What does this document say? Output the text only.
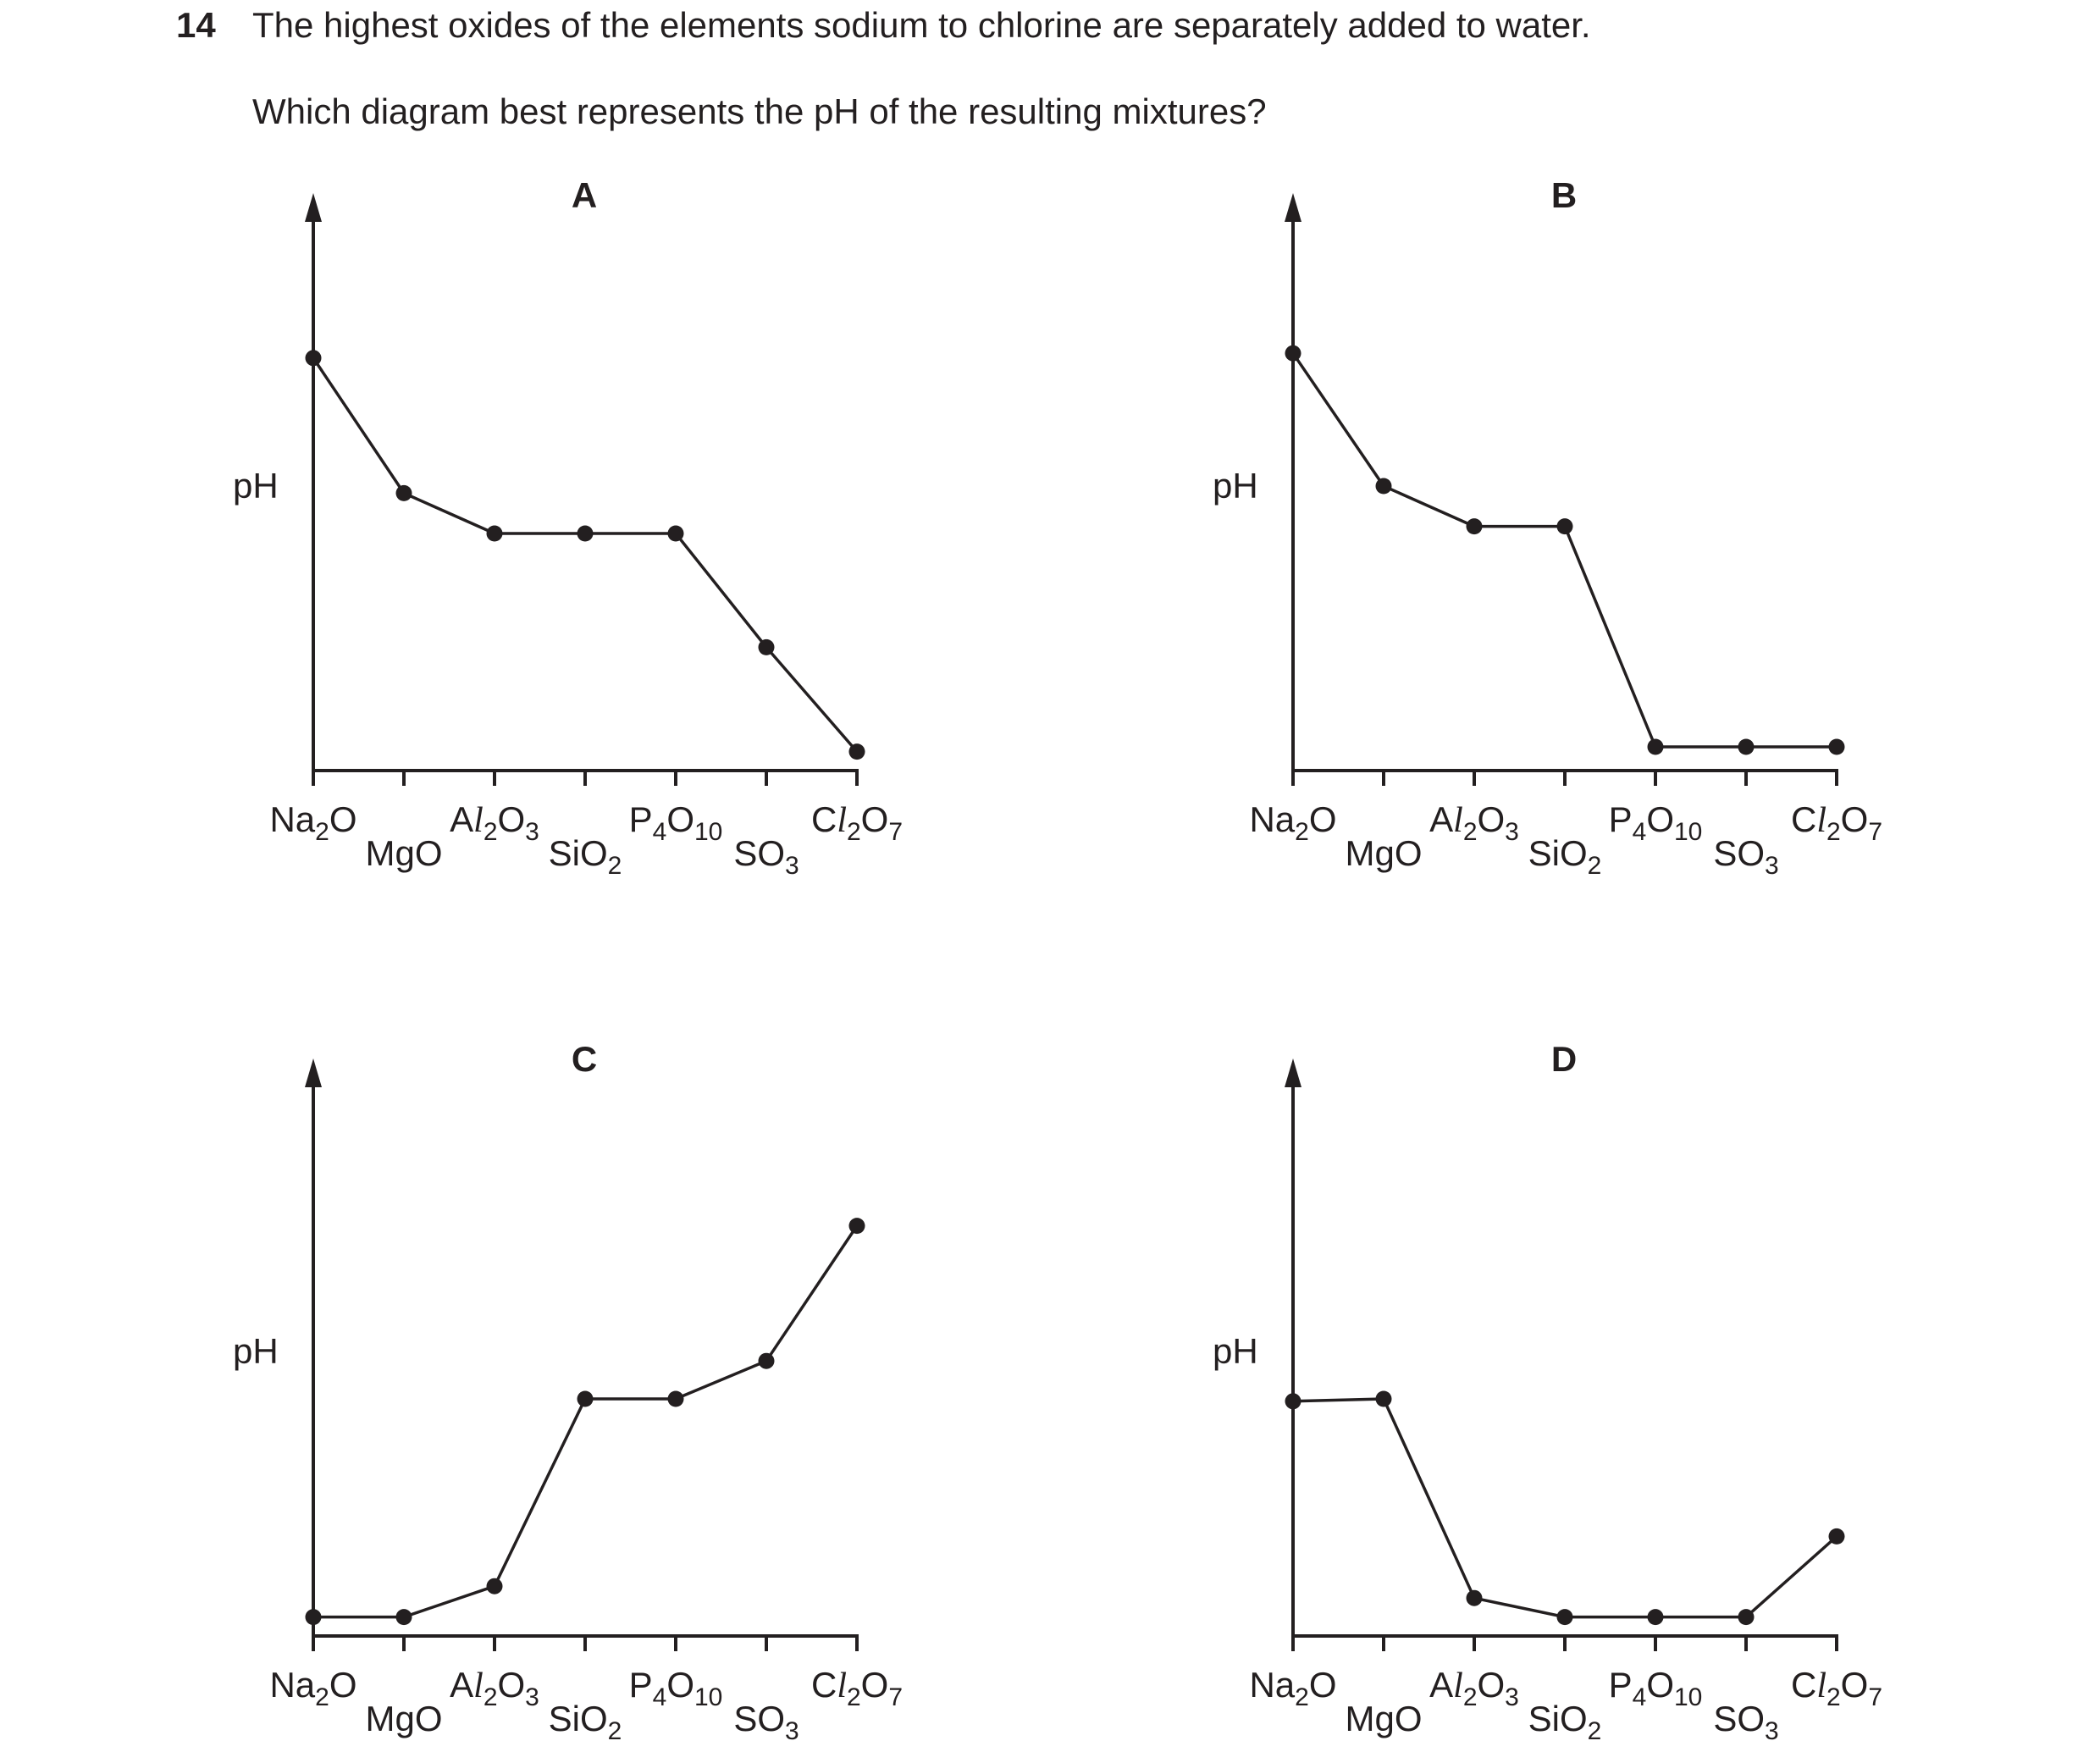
14 The highest oxides of the elements sodium to chlorine are separately added to water.
Which diagram best represents the pH of the resulting mixtures?
A
pH
$Na_2O$
MgO
$Al_2O_3$
SiO$_2$
$P_4O_{10}$
$SO_3$
$Cl_2O_7$
B
pH
$Na_2O$
MgO
$Al_2O_3$
SiO$_2$
$P_4O_{10}$
$SO_3$
$Cl_2O_7$
C
pH
$Na_2O$
MgO
$Al_2O_3$
SiO$_2$
$P_4O_{10}$
$SO_3$
$Cl_2O_7$
D
pH
$Na_2O$
MgO
$Al_2O_3$
SiO$_2$
$P_4O_{10}$
$SO_3$
$Cl_2O_7$
